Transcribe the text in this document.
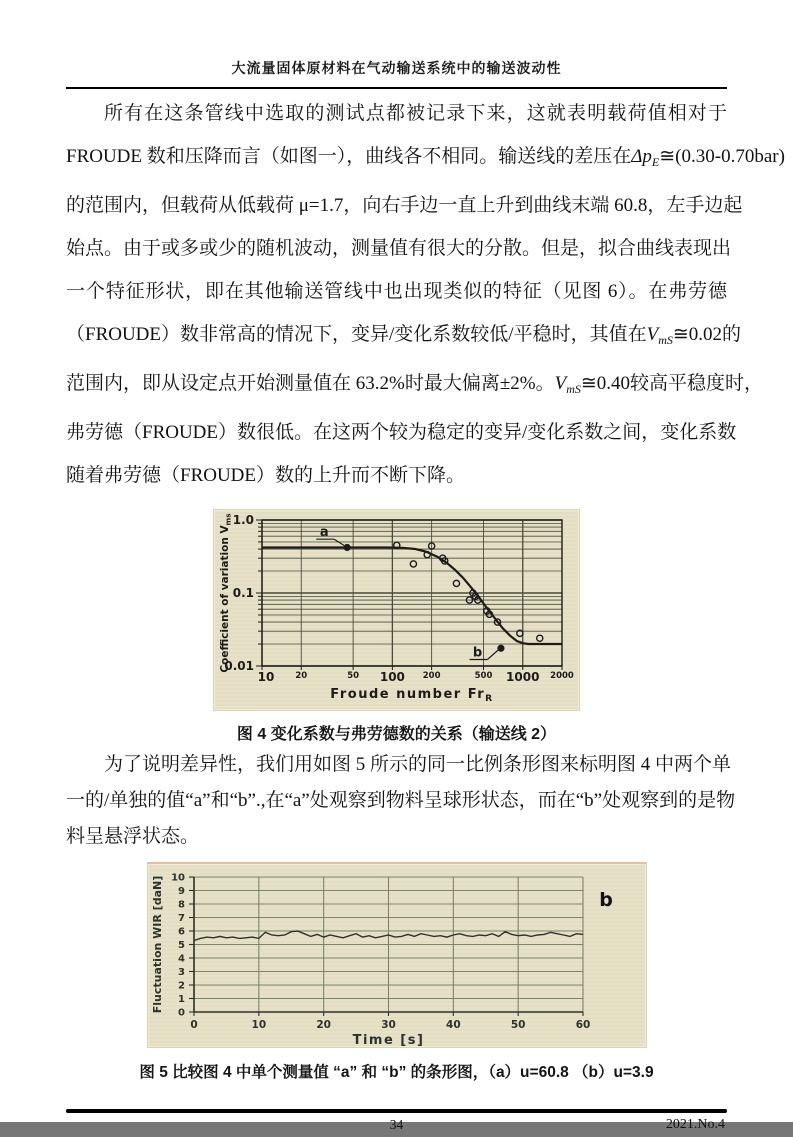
大流量固体原材料在气动输送系统中的输送波动性
所有在这条管线中选取的测试点都被记录下来，这就表明载荷值相对于
FROUDE 数和压降而言（如图一），曲线各不相同。输送线的差压在$\Delta p_E≅(0.30-0.70bar)$
的范围内，但载荷从低载荷 μ=1.7，向右手边一直上升到曲线末端 60.8，左手边起
始点。由于或多或少的随机波动，测量值有很大的分散。但是，拟合曲线表现出
一个特征形状，即在其他输送管线中也出现类似的特征（见图 6）。在弗劳德
（FROUDE）数非常高的情况下，变异/变化系数较低/平稳时，其值在$V_{mS}≅0.02$的
范围内，即从设定点开始测量值在 63.2%时最大偏离±2%。$V_{mS}≅0.40$较高平稳度时，
弗劳德（FROUDE）数很低。在这两个较为稳定的变异/变化系数之间，变化系数
随着弗劳德（FROUDE）数的上升而不断下降。
1.0
0.1
0.01
10 20	50 100 200	500 1000 2000
Froude number $Fr_R$
Coefficient of variation $V_{ms}$
a
b
图 4 变化系数与弗劳德数的关系（输送线 2）
为了说明差异性，我们用如图 5 所示的同一比例条形图来标明图 4 中两个单
一的/单独的值“a”和“b”.,在“a”处观察到物料呈球形状态，而在“b”处观察到的是物
料呈悬浮状态。
0
1
2
3
4
5
6
7
8
9
10
0	10	20	30	40	50	60
Time [s]
Fluctuation WIR [daN]	b
图 5 比较图 4 中单个测量值 “a” 和 “b” 的条形图，（a）u=60.8 （b）u=3.9
34	2021.No.4
